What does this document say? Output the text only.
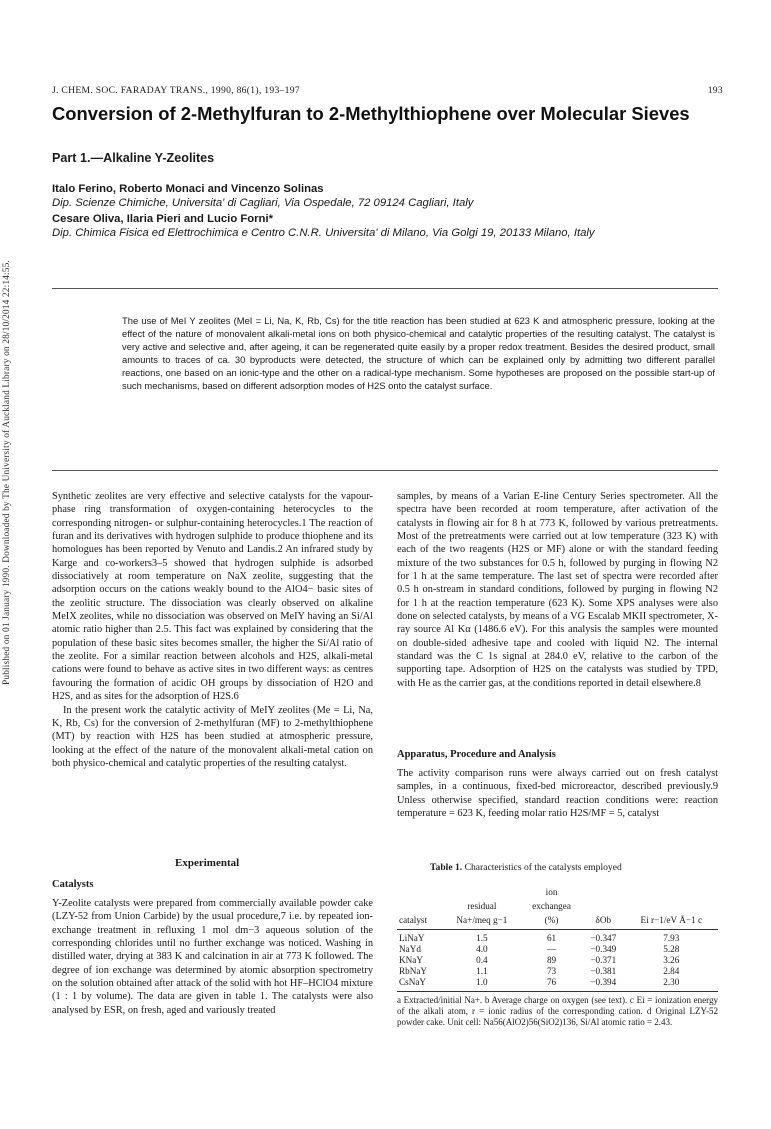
Published on 01 January 1990. Downloaded by The University of Auckland Library on 28/10/2014 22:14:55.
J. CHEM. SOC. FARADAY TRANS., 1990, 86(1), 193–197	193
Conversion of 2-Methylfuran to 2-Methylthiophene over Molecular Sieves
Part 1.—Alkaline Y-Zeolites
Italo Ferino, Roberto Monaci and Vincenzo Solinas
Dip. Scienze Chimiche, Universita' di Cagliari, Via Ospedale, 72 09124 Cagliari, Italy
Cesare Oliva, Ilaria Pieri and Lucio Forni*
Dip. Chimica Fisica ed Elettrochimica e Centro C.N.R. Universita' di Milano, Via Golgi 19, 20133 Milano, Italy
The use of MeI Y zeolites (MeI = Li, Na, K, Rb, Cs) for the title reaction has been studied at 623 K and atmospheric pressure, looking at the effect of the nature of monovalent alkali-metal ions on both physico-chemical and catalytic properties of the resulting catalyst. The catalyst is very active and selective and, after ageing, it can be regenerated quite easily by a proper redox treatment. Besides the desired product, small amounts to traces of ca. 30 byproducts were detected, the structure of which can be explained only by admitting two different parallel reactions, one based on an ionic-type and the other on a radical-type mechanism. Some hypotheses are proposed on the possible start-up of such mechanisms, based on different adsorption modes of H2S onto the catalyst surface.

Synthetic zeolites are very effective and selective catalysts for the vapour-phase ring transformation of oxygen-containing heterocycles to the corresponding nitrogen- or sulphur-containing heterocycles.1 The reaction of furan and its derivatives with hydrogen sulphide to produce thiophene and its homologues has been reported by Venuto and Landis.2 An infrared study by Karge and co-workers3–5 showed that hydrogen sulphide is adsorbed dissociatively at room temperature on NaX zeolite, suggesting that the adsorption occurs on the cations weakly bound to the AlO4− basic sites of the zeolitic structure. The dissociation was clearly observed on alkaline MeIX zeolites, while no dissociation was observed on MeIY having an Si/Al atomic ratio higher than 2.5. This fact was explained by considering that the population of these basic sites becomes smaller, the higher the Si/Al ratio of the zeolite. For a similar reaction between alcohols and H2S, alkali-metal cations were found to behave as active sites in two different ways: as centres favouring the formation of acidic OH groups by dissociation of H2O and H2S, and as sites for the adsorption of H2S.6

In the present work the catalytic activity of MeIY zeolites (Me = Li, Na, K, Rb, Cs) for the conversion of 2-methylfuran (MF) to 2-methylthiophene (MT) by reaction with H2S has been studied at atmospheric pressure, looking at the effect of the nature of the monovalent alkali-metal cation on both physico-chemical and catalytic properties of the resulting catalyst.

Experimental
Catalysts

Y-Zeolite catalysts were prepared from commercially available powder cake (LZY-52 from Union Carbide) by the usual procedure,7 i.e. by repeated ion-exchange treatment in refluxing 1 mol dm−3 aqueous solution of the corresponding chlorides until no further exchange was noticed. Washing in distilled water, drying at 383 K and calcination in air at 773 K followed. The degree of ion exchange was determined by atomic absorption spectrometry on the solution obtained after attack of the solid with hot HF–HClO4 mixture (1 : 1 by volume). The data are given in table 1. The catalysts were also analysed by ESR, on fresh, aged and variously treated

samples, by means of a Varian E-line Century Series spectrometer. All the spectra have been recorded at room temperature, after activation of the catalysts in flowing air for 8 h at 773 K, followed by various pretreatments. Most of the pretreatments were carried out at low temperature (323 K) with each of the two reagents (H2S or MF) alone or with the standard feeding mixture of the two substances for 0.5 h, followed by purging in flowing N2 for 1 h at the same temperature. The last set of spectra were recorded after 0.5 h on-stream in standard conditions, followed by purging in flowing N2 for 1 h at the reaction temperature (623 K). Some XPS analyses were also done on selected catalysts, by means of a VG Escalab MKII spectrometer, X-ray source Al Kα (1486.6 eV). For this analysis the samples were mounted on double-sided adhesive tape and cooled with liquid N2. The internal standard was the C 1s signal at 284.0 eV, relative to the carbon of the supporting tape. Adsorption of H2S on the catalysts was studied by TPD, with He as the carrier gas, at the conditions reported in detail elsewhere.8

Apparatus, Procedure and Analysis

The activity comparison runs were always carried out on fresh catalyst samples, in a continuous, fixed-bed microreactor, described previously.9 Unless otherwise specified, standard reaction conditions were: reaction temperature = 623 K, feeding molar ratio H2S/MF = 5, catalyst

Table 1. Characteristics of the catalysts employed
		ion		
	residual	exchangea		
catalyst	Na+/meq g−1	(%)	δOb	Ei r−1/eV Å−1 c
LiNaY	1.5	61	−0.347	7.93
NaYd	4.0	—	−0.349	5.28
KNaY	0.4	89	−0.371	3.26
RbNaY	1.1	73	−0.381	2.84
CsNaY	1.0	76	−0.394	2.30
a Extracted/initial Na+. b Average charge on oxygen (see text). c Ei = ionization energy of the alkali atom, r = ionic radius of the corresponding cation. d Original LZY-52 powder cake. Unit cell: Na56(AlO2)56(SiO2)136, Si/Al atomic ratio = 2.43.
